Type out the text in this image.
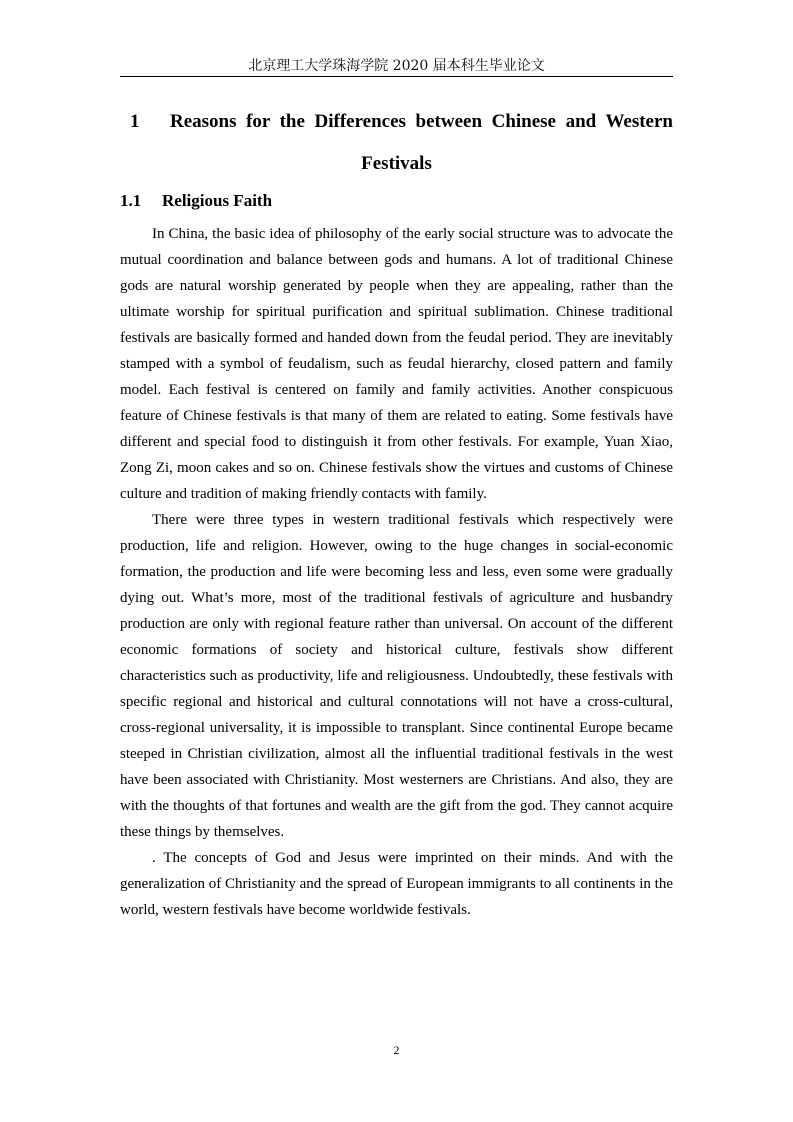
北京理工大学珠海学院 2020 届本科生毕业论文
1	Reasons for the Differences between Chinese and Western
Festivals
1.1	Religious Faith

In China, the basic idea of philosophy of the early social structure was to advocate the mutual coordination and balance between gods and humans. A lot of traditional Chinese gods are natural worship generated by people when they are appealing, rather than the ultimate worship for spiritual purification and spiritual sublimation. Chinese traditional festivals are basically formed and handed down from the feudal period. They are inevitably stamped with a symbol of feudalism, such as feudal hierarchy, closed pattern and family model. Each festival is centered on family and family activities. Another conspicuous feature of Chinese festivals is that many of them are related to eating. Some festivals have different and special food to distinguish it from other festivals. For example, Yuan Xiao, Zong Zi, moon cakes and so on. Chinese festivals show the virtues and customs of Chinese culture and tradition of making friendly contacts with family.

There were three types in western traditional festivals which respectively were production, life and religion. However, owing to the huge changes in social-economic formation, the production and life were becoming less and less, even some were gradually dying out. What’s more, most of the traditional festivals of agriculture and husbandry production are only with regional feature rather than universal. On account of the different economic formations of society and historical culture, festivals show different characteristics such as productivity, life and religiousness. Undoubtedly, these festivals with specific regional and historical and cultural connotations will not have a cross-cultural, cross-regional universality, it is impossible to transplant. Since continental Europe became steeped in Christian civilization, almost all the influential traditional festivals in the west have been associated with Christianity. Most westerners are Christians. And also, they are with the thoughts of that fortunes and wealth are the gift from the god. They cannot acquire these things by themselves.

. The concepts of God and Jesus were imprinted on their minds. And with the generalization of Christianity and the spread of European immigrants to all continents in the world, western festivals have become worldwide festivals.

2
